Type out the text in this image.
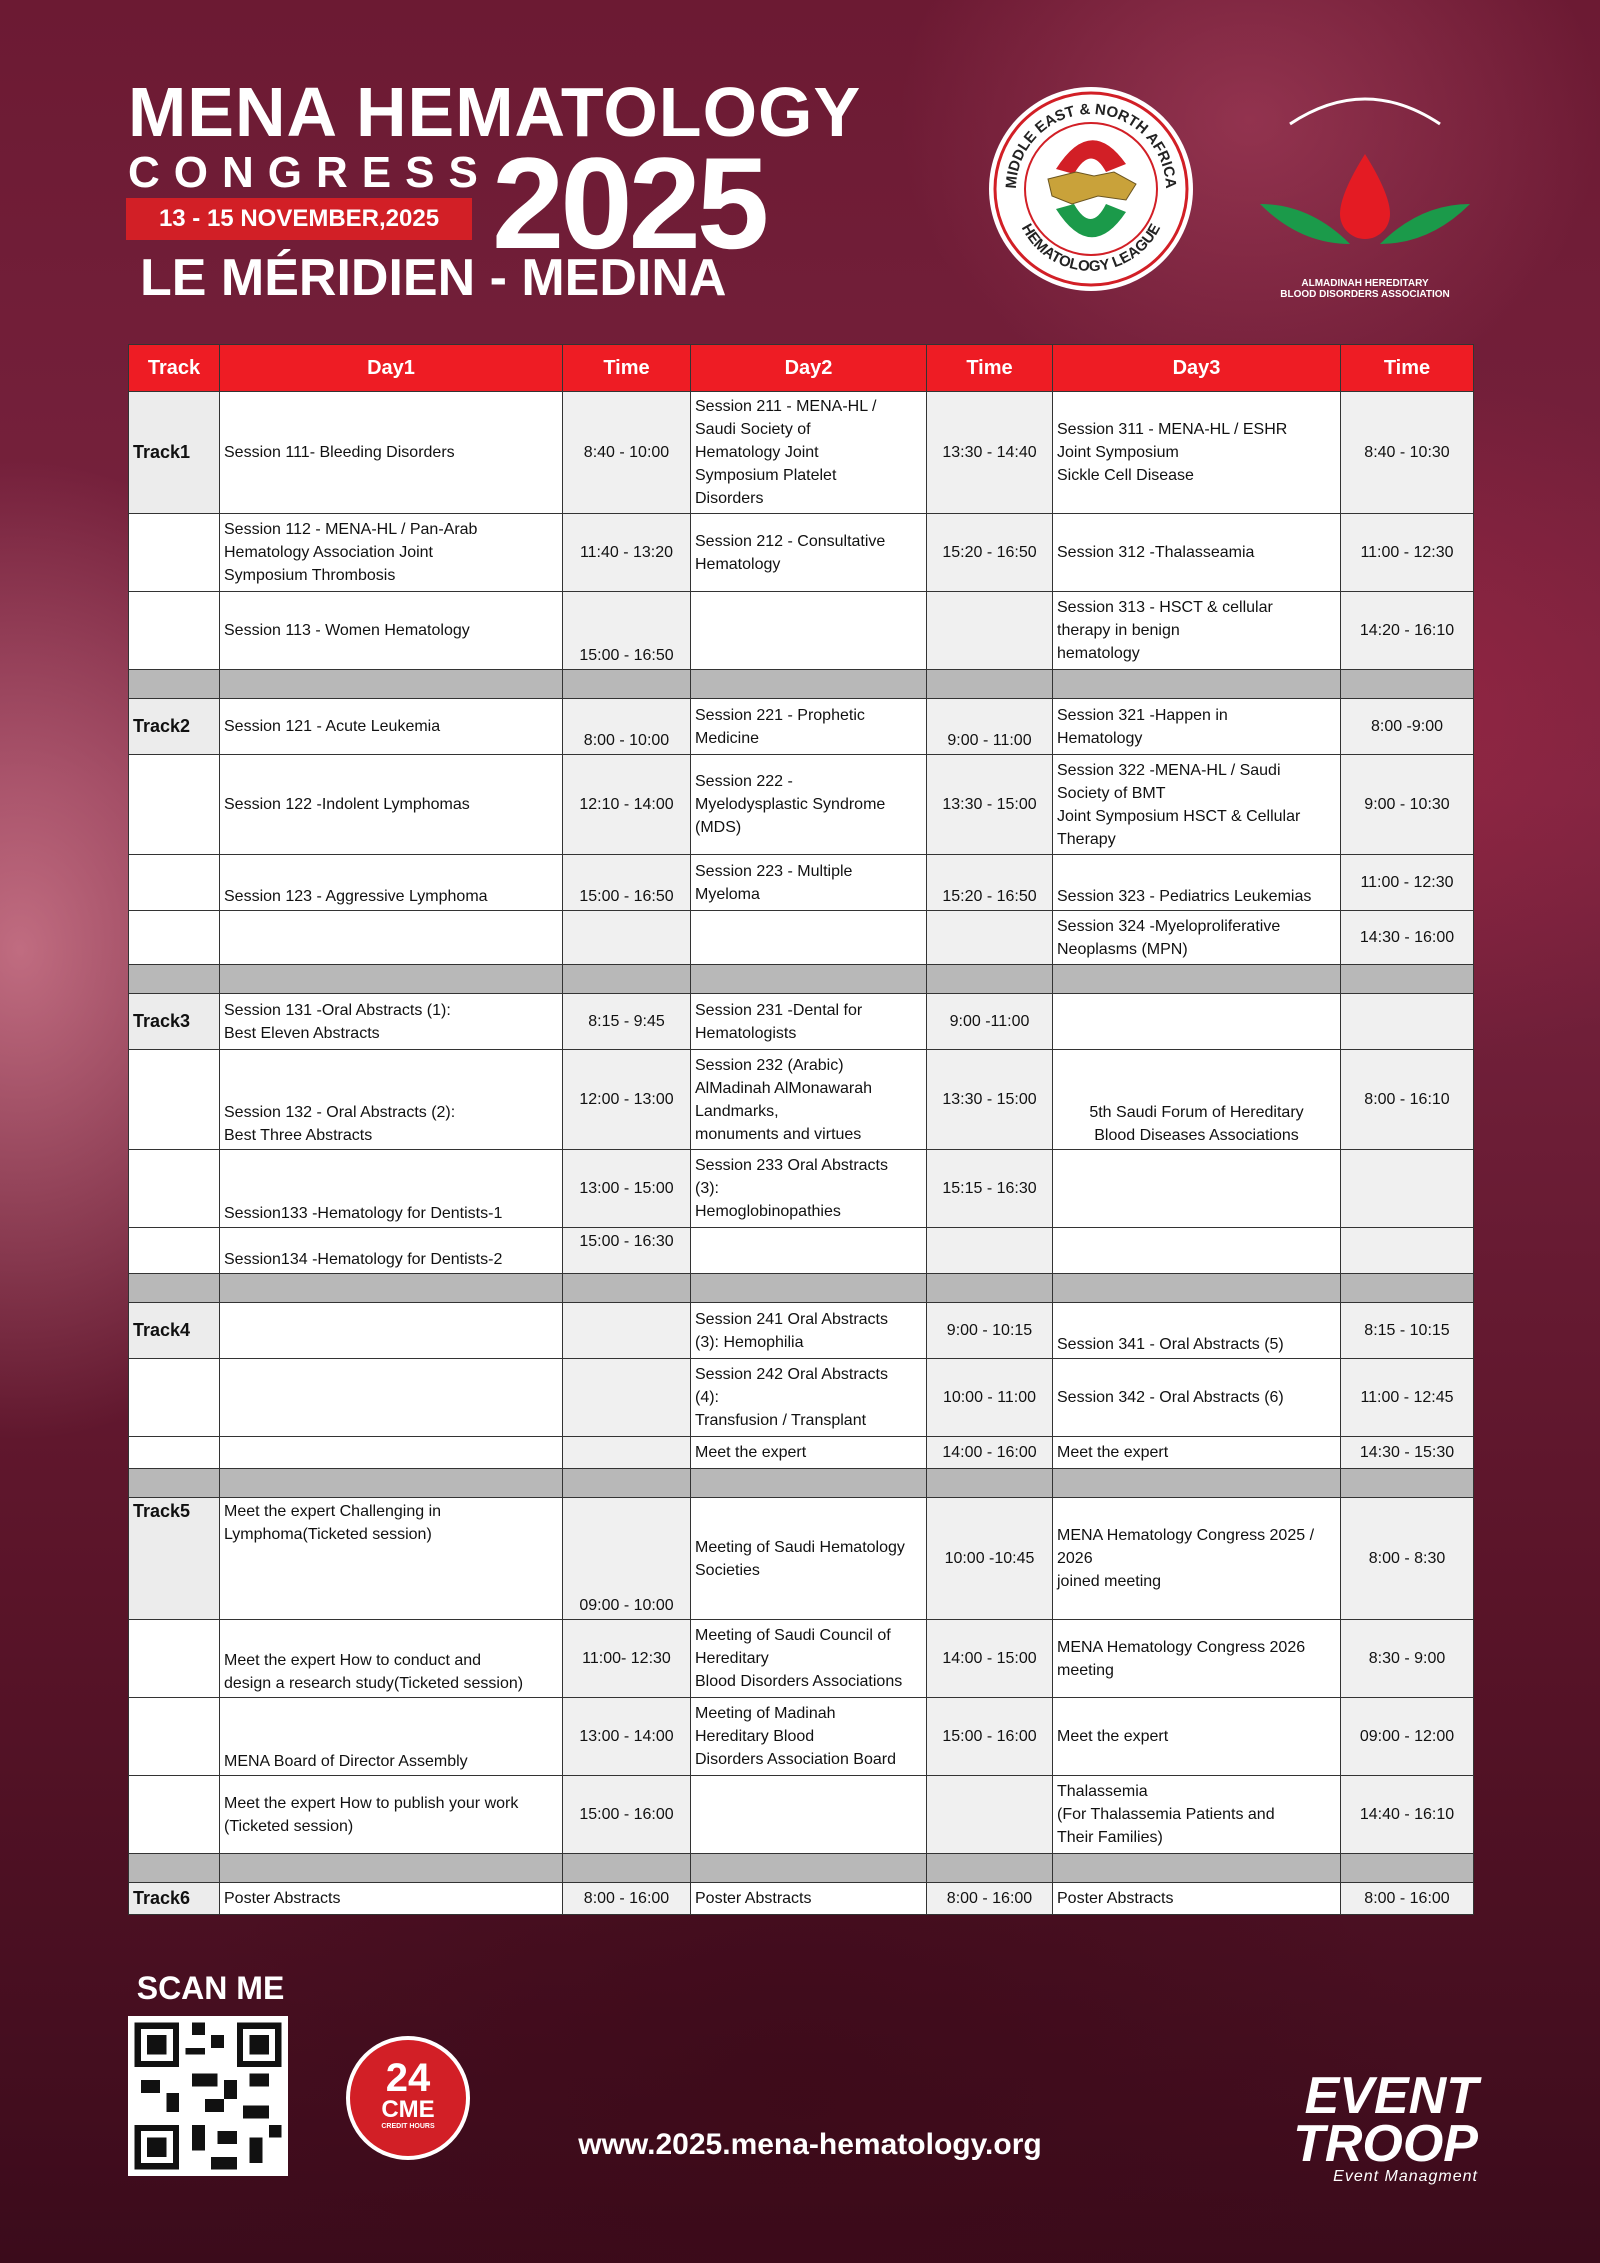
MENA HEMATOLOGY
CONGRESS 2025
13 - 15 NOVEMBER,2025
LE MÉRIDIEN - MEDINA
MIDDLE EAST & NORTH AFRICA
HEMATOLOGY LEAGUE
ALMADINAH HEREDITARY
BLOOD DISORDERS ASSOCIATION
Track	Day1	Time	Day2	Time	Day3	Time
Track1	Session 111- Bleeding Disorders	8:40 - 10:00	Session 211 - MENA-HL /
Saudi Society of
Hematology Joint
Symposium Platelet
Disorders	13:30 - 14:40	Session 311 - MENA-HL / ESHR
Joint Symposium
Sickle Cell Disease	8:40 - 10:30
	Session 112 - MENA-HL / Pan-Arab
Hematology Association Joint
Symposium Thrombosis	11:40 - 13:20	Session 212 - Consultative
Hematology	15:20 - 16:50	Session 312 -Thalasseamia	11:00 - 12:30
	Session 113 - Women Hematology	15:00 - 16:50			Session 313 - HSCT & cellular
therapy in benign
hematology	14:20 - 16:10

Track2	Session 121 - Acute Leukemia	8:00 - 10:00	Session 221 - Prophetic
Medicine	9:00 - 11:00	Session 321 -Happen in
Hematology	8:00 -9:00
	Session 122 -Indolent Lymphomas	12:10 - 14:00	Session 222 -
Myelodysplastic Syndrome
(MDS)	13:30 - 15:00	Session 322 -MENA-HL / Saudi
Society of BMT
Joint Symposium HSCT & Cellular
Therapy	9:00 - 10:30
	Session 123 - Aggressive Lymphoma	15:00 - 16:50	Session 223 - Multiple
Myeloma	15:20 - 16:50	Session 323 - Pediatrics Leukemias	11:00 - 12:30
					Session 324 -Myeloproliferative
Neoplasms (MPN)	14:30 - 16:00

Track3	Session 131 -Oral Abstracts (1):
Best Eleven Abstracts	8:15 - 9:45	Session 231 -Dental for
Hematologists	9:00 -11:00		
	Session 132 - Oral Abstracts (2):
Best Three Abstracts	12:00 - 13:00	Session 232 (Arabic)
AlMadinah AlMonawarah
Landmarks,
monuments and virtues	13:30 - 15:00	5th Saudi Forum of Hereditary
Blood Diseases Associations	8:00 - 16:10
	Session133 -Hematology for Dentists-1	13:00 - 15:00	Session 233 Oral Abstracts
(3):
Hemoglobinopathies	15:15 - 16:30		
	Session134 -Hematology for Dentists-2	15:00 - 16:30				

Track4			Session 241 Oral Abstracts
(3): Hemophilia	9:00 - 10:15	Session 341 - Oral Abstracts (5)	8:15 - 10:15
			Session 242 Oral Abstracts
(4):
Transfusion / Transplant	10:00 - 11:00	Session 342 - Oral Abstracts (6)	11:00 - 12:45
			Meet the expert	14:00 - 16:00	Meet the expert	14:30 - 15:30

Track5	Meet the expert Challenging in
Lymphoma(Ticketed session)	09:00 - 10:00	Meeting of Saudi Hematology
Societies	10:00 -10:45	MENA Hematology Congress 2025 /
2026
joined meeting	8:00 - 8:30
	Meet the expert How to conduct and
design a research study(Ticketed session)	11:00- 12:30	Meeting of Saudi Council of
Hereditary
Blood Disorders Associations	14:00 - 15:00	MENA Hematology Congress 2026
meeting	8:30 - 9:00
	MENA Board of Director Assembly	13:00 - 14:00	Meeting of Madinah
Hereditary Blood
Disorders Association Board	15:00 - 16:00	Meet the expert	09:00 - 12:00
	Meet the expert How to publish your work
(Ticketed session)	15:00 - 16:00			Thalassemia
(For Thalassemia Patients and
Their Families)	14:40 - 16:10

Track6	Poster Abstracts	8:00 - 16:00	Poster Abstracts	8:00 - 16:00	Poster Abstracts	8:00 - 16:00
SCAN ME
24
CME
CREDIT HOURS
www.2025.mena-hematology.org
EVENT
TROOP
Event Managment
